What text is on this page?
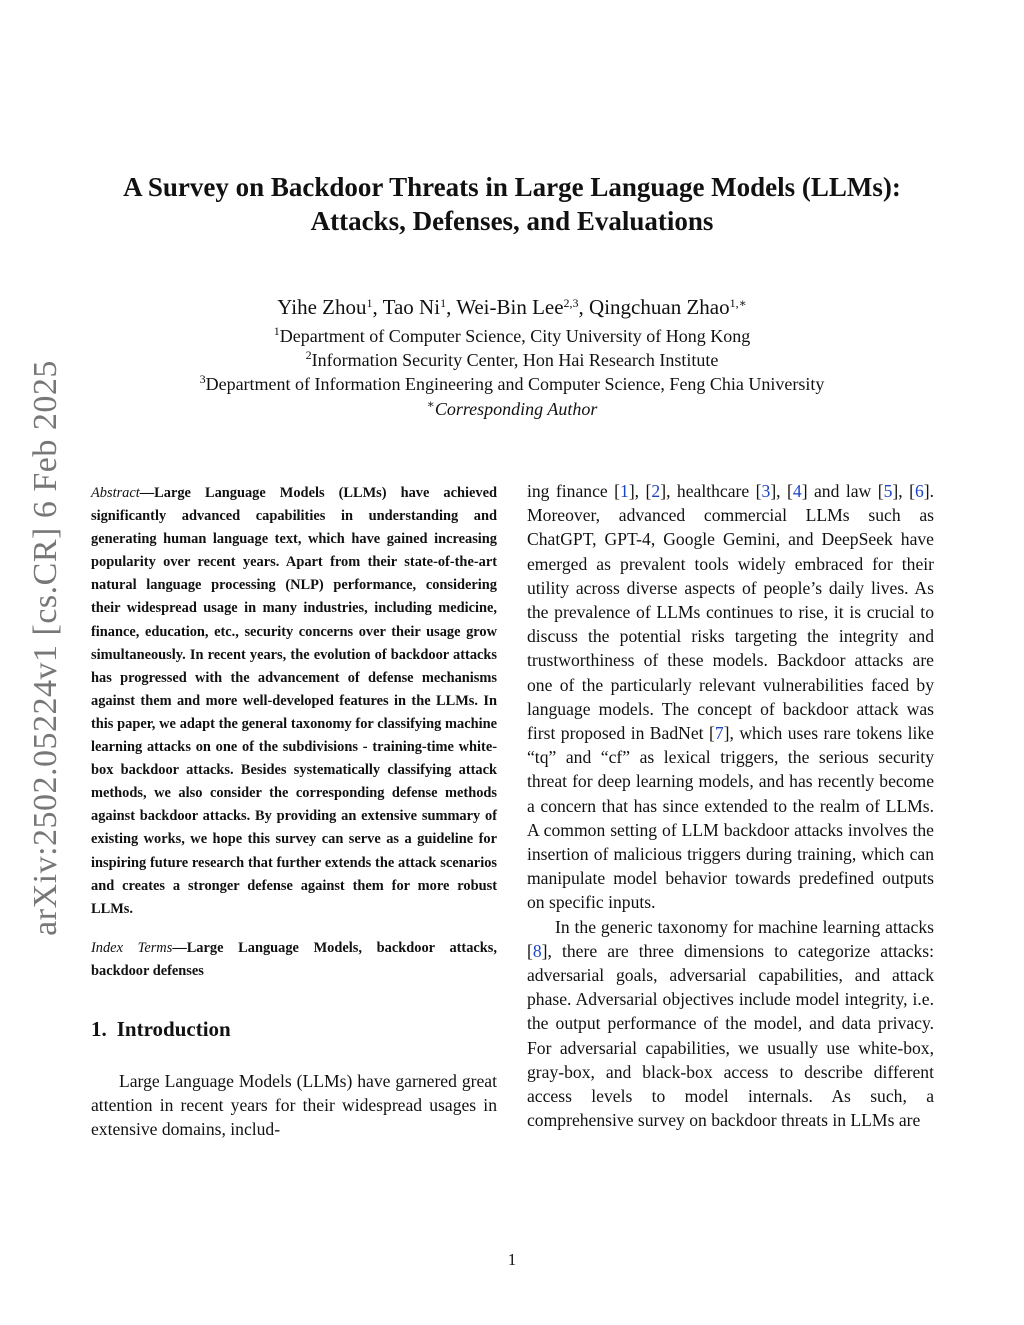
arXiv:2502.05224v1 [cs.CR] 6 Feb 2025
A Survey on Backdoor Threats in Large Language Models (LLMs):
Attacks, Defenses, and Evaluations
Yihe Zhou$^1$, Tao Ni$^1$, Wei-Bin Lee$^{2,3}$, Qingchuan Zhao$^{1,∗}$
$^1$Department of Computer Science, City University of Hong Kong
$^2$Information Security Center, Hon Hai Research Institute
$^3$Department of Information Engineering and Computer Science, Feng Chia University
∗Corresponding Author

Abstract—Large Language Models (LLMs) have achieved significantly advanced capabilities in understanding and generating human language text, which have gained increasing popularity over recent years. Apart from their state-of-the-art natural language processing (NLP) performance, considering their widespread usage in many industries, including medicine, finance, education, etc., security concerns over their usage grow simultaneously. In recent years, the evolution of backdoor attacks has progressed with the advancement of defense mechanisms against them and more well-developed features in the LLMs. In this paper, we adapt the general taxonomy for classifying machine learning attacks on one of the subdivisions - training-time white-box backdoor attacks. Besides systematically classifying attack methods, we also consider the corresponding defense methods against backdoor attacks. By providing an extensive summary of existing works, we hope this survey can serve as a guideline for inspiring future research that further extends the attack scenarios and creates a stronger defense against them for more robust LLMs.

Index Terms—Large Language Models, backdoor attacks, backdoor defenses

1. Introduction

Large Language Models (LLMs) have garnered great attention in recent years for their widespread usages in extensive domains, includ-

ing finance [1], [2], healthcare [3], [4] and law [5], [6]. Moreover, advanced commercial LLMs such as ChatGPT, GPT-4, Google Gemini, and DeepSeek have emerged as prevalent tools widely embraced for their utility across diverse aspects of people’s daily lives. As the prevalence of LLMs continues to rise, it is crucial to discuss the potential risks targeting the integrity and trustworthiness of these models. Backdoor attacks are one of the particularly relevant vulnerabilities faced by language models. The concept of backdoor attack was first proposed in BadNet [7], which uses rare tokens like “tq” and “cf” as lexical triggers, the serious security threat for deep learning models, and has recently become a concern that has since extended to the realm of LLMs. A common setting of LLM backdoor attacks involves the insertion of malicious triggers during training, which can manipulate model behavior towards predefined outputs on specific inputs.

In the generic taxonomy for machine learning attacks [8], there are three dimensions to categorize attacks: adversarial goals, adversarial capabilities, and attack phase. Adversarial objectives include model integrity, i.e. the output performance of the model, and data privacy. For adversarial capabilities, we usually use white-box, gray-box, and black-box access to describe different access levels to model internals. As such, a comprehensive survey on backdoor threats in LLMs are

1
